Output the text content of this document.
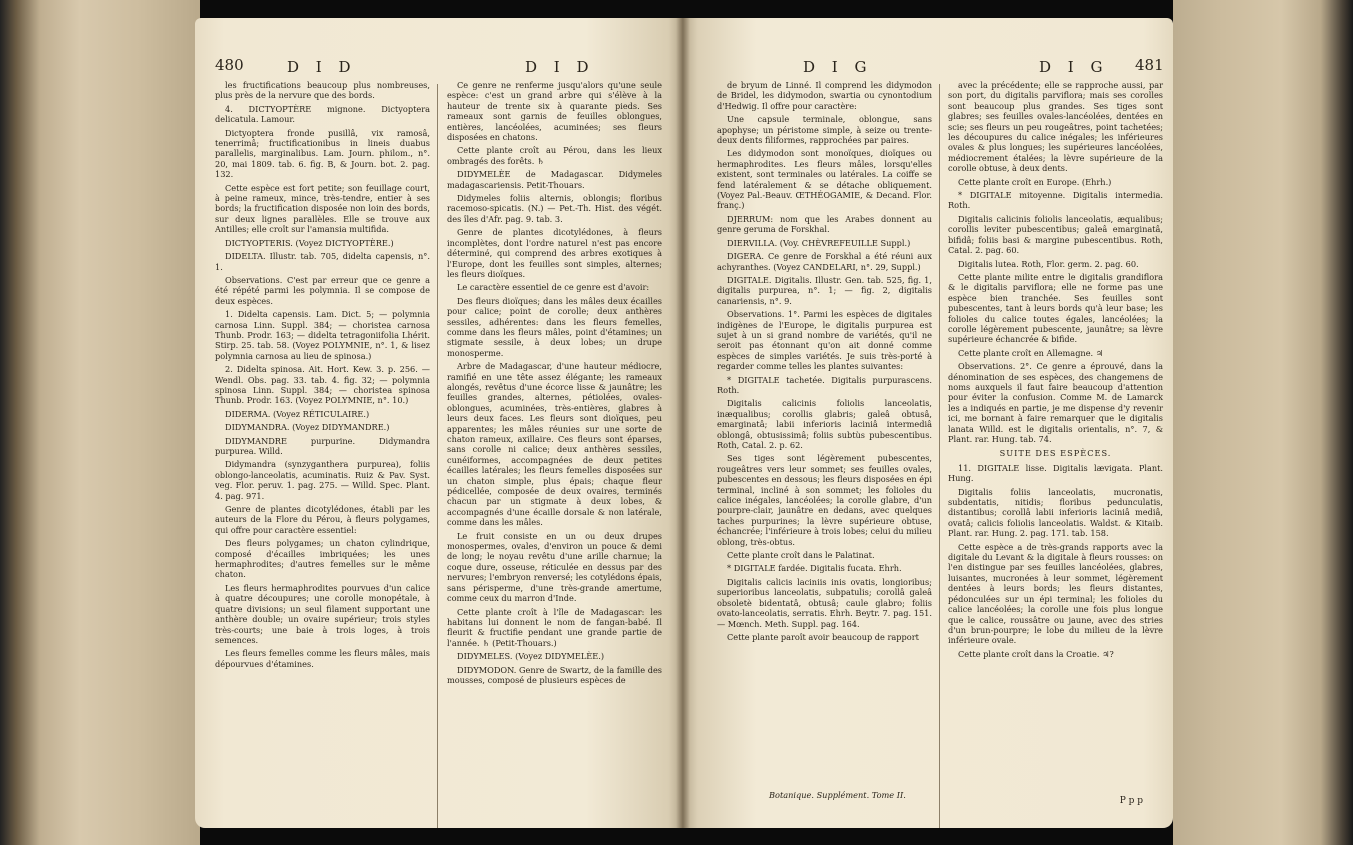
480	D I D	D I D

les fructifications beaucoup plus nombreuses, plus près de la nervure que des bords.

4. DICTYOPTÈRE mignone. Dictyoptera delicatula. Lamour.

Dictyoptera fronde pusillâ, vix ramosâ, tenerrimâ; fructificationibus in lineis duabus parallelis, marginalibus. Lam. Journ. philom., n°. 20, mai 1809. tab. 6. fig. B, & Journ. bot. 2. pag. 132.

Cette espèce est fort petite; son feuillage court, à peine rameux, mince, très-tendre, entier à ses bords; la fructification disposée non loin des bords, sur deux lignes parallèles. Elle se trouve aux Antilles; elle croît sur l'amansia multifida.

DICTYOPTERIS. (Voyez DICTYOPTÈRE.)

DIDELTA. Illustr. tab. 705, didelta capensis, n°. 1.

Observations. C'est par erreur que ce genre a été répété parmi les polymnia. Il se compose de deux espèces.

1. Didelta capensis. Lam. Dict. 5; — polymnia carnosa Linn. Suppl. 384; — choristea carnosa Thunb. Prodr. 163; — didelta tetragoniifolia Lhérit. Stirp. 25. tab. 58. (Voyez POLYMNIE, n°. 1, & lisez polymnia carnosa au lieu de spinosa.)

2. Didelta spinosa. Ait. Hort. Kew. 3. p. 256. — Wendl. Obs. pag. 33. tab. 4. fig. 32; — polymnia spinosa Linn. Suppl. 384; — choristea spinosa Thunb. Prodr. 163. (Voyez POLYMNIE, n°. 10.)

DIDERMA. (Voyez RÉTICULAIRE.)

DIDYMANDRA. (Voyez DIDYMANDRE.)

DIDYMANDRE purpurine. Didymandra purpurea. Willd.

Didymandra (synzyganthera purpurea), foliis oblongo-lanceolatis, acuminatis. Ruiz & Pav. Syst. veg. Flor. peruv. 1. pag. 275. — Willd. Spec. Plant. 4. pag. 971.

Genre de plantes dicotylédones, établi par les auteurs de la Flore du Pérou, à fleurs polygames, qui offre pour caractère essentiel:

Des fleurs polygames; un chaton cylindrique, composé d'écailles imbriquées; les unes hermaphrodites; d'autres femelles sur le même chaton.

Les fleurs hermaphrodites pourvues d'un calice à quatre découpures; une corolle monopétale, à quatre divisions; un seul filament supportant une anthère double; un ovaire supérieur; trois styles très-courts; une baie à trois loges, à trois semences.

Les fleurs femelles comme les fleurs mâles, mais dépourvues d'étamines.

Ce genre ne renferme jusqu'alors qu'une seule espèce: c'est un grand arbre qui s'élève à la hauteur de trente six à quarante pieds. Ses rameaux sont garnis de feuilles oblongues, entières, lancéolées, acuminées; ses fleurs disposées en chatons.

Cette plante croît au Pérou, dans les lieux ombragés des forêts. ♄

DIDYMELÈE de Madagascar. Didymeles madagascariensis. Petit-Thouars.

Didymeles foliis alternis, oblongis; floribus racemoso-spicatis. (N.) — Pet.-Th. Hist. des végét. des îles d'Afr. pag. 9. tab. 3.

Genre de plantes dicotylédones, à fleurs incomplètes, dont l'ordre naturel n'est pas encore déterminé, qui comprend des arbres exotiques à l'Europe, dont les feuilles sont simples, alternes; les fleurs dioïques.

Le caractère essentiel de ce genre est d'avoir:

Des fleurs dioïques; dans les mâles deux écailles pour calice; point de corolle; deux anthères sessiles, adhérentes: dans les fleurs femelles, comme dans les fleurs mâles, point d'étamines; un stigmate sessile, à deux lobes; un drupe monosperme.

Arbre de Madagascar, d'une hauteur médiocre, ramifié en une tête assez élégante; les rameaux alongés, revêtus d'une écorce lisse & jaunâtre; les feuilles grandes, alternes, pétiolées, ovales-oblongues, acuminées, très-entières, glabres à leurs deux faces. Les fleurs sont dioïques, peu apparentes; les mâles réunies sur une sorte de chaton rameux, axillaire. Ces fleurs sont éparses, sans corolle ni calice; deux anthères sessiles, cunéiformes, accompagnées de deux petites écailles latérales; les fleurs femelles disposées sur un chaton simple, plus épais; chaque fleur pédicellée, composée de deux ovaires, terminés chacun par un stigmate à deux lobes, & accompagnés d'une écaille dorsale & non latérale, comme dans les mâles.

Le fruit consiste en un ou deux drupes monospermes, ovales, d'environ un pouce & demi de long; le noyau revêtu d'une arille charnue; la coque dure, osseuse, réticulée en dessus par des nervures; l'embryon renversé; les cotylédons épais, sans périsperme, d'une très-grande amertume, comme ceux du marron d'Inde.

Cette plante croît à l'île de Madagascar: les habitans lui donnent le nom de fangan-babé. Il fleurit & fructifie pendant une grande partie de l'année. ♄ (Petit-Thouars.)

DIDYMELES. (Voyez DIDYMELÈE.)

DIDYMODON. Genre de Swartz, de la famille des mousses, composé de plusieurs espèces de

D I G	D I G 481

de bryum de Linné. Il comprend les didymodon de Bridel, les didymodon, swartia ou cynontodium d'Hedwig. Il offre pour caractère:

Une capsule terminale, oblongue, sans apophyse; un péristome simple, à seize ou trente-deux dents filiformes, rapprochées par paires.

Les didymodon sont monoïques, dioïques ou hermaphrodites. Les fleurs mâles, lorsqu'elles existent, sont terminales ou latérales. La coiffe se fend latéralement & se détache obliquement. (Voyez Pal.-Beauv. ŒTHÉOGAMIE, & Decand. Flor. franç.)

DJERRUM: nom que les Arabes donnent au genre geruma de Forskhal.

DIERVILLA. (Voy. CHÈVREFEUILLE Suppl.)

DIGERA. Ce genre de Forskhal a été réuni aux achyranthes. (Voyez CANDELARI, n°. 29, Suppl.)

DIGITALE. Digitalis. Illustr. Gen. tab. 525, fig. 1, digitalis purpurea, n°. 1; — fig. 2, digitalis canariensis, n°. 9.

Observations. 1°. Parmi les espèces de digitales indigènes de l'Europe, le digitalis purpurea est sujet à un si grand nombre de variétés, qu'il ne seroit pas étonnant qu'on ait donné comme espèces de simples variétés. Je suis très-porté à regarder comme telles les plantes suivantes:

* DIGITALE tachetée. Digitalis purpurascens. Roth.

Digitalis calicinis foliolis lanceolatis, inæqualibus; corollis glabris; galeâ obtusâ, emarginatâ; labii inferioris laciniâ intermediâ oblongâ, obtusissimâ; foliis subtùs pubescentibus. Roth, Catal. 2. p. 62.

Ses tiges sont légèrement pubescentes, rougeâtres vers leur sommet; ses feuilles ovales, pubescentes en dessous; les fleurs disposées en épi terminal, incliné à son sommet; les folioles du calice inégales, lancéolées; la corolle glabre, d'un pourpre-clair, jaunâtre en dedans, avec quelques taches purpurines; la lèvre supérieure obtuse, échancrée; l'inférieure à trois lobes; celui du milieu oblong, très-obtus.

Cette plante croît dans le Palatinat.

* DIGITALE fardée. Digitalis fucata. Ehrh.

Digitalis calicis laciniis inis ovatis, longioribus; superioribus lanceolatis, subpatulis; corollâ galeâ obsoletè bidentatâ, obtusâ; caule glabro; foliis ovato-lanceolatis, serratis. Ehrh. Beytr. 7. pag. 151. — Mœnch. Meth. Suppl. pag. 164.

Cette plante paroît avoir beaucoup de rapport

avec la précédente; elle se rapproche aussi, par son port, du digitalis parviflora; mais ses corolles sont beaucoup plus grandes. Ses tiges sont glabres; ses feuilles ovales-lancéolées, dentées en scie; ses fleurs un peu rougeâtres, point tachetées; les découpures du calice inégales; les inférieures ovales & plus longues; les supérieures lancéolées, médiocrement étalées; la lèvre supérieure de la corolle obtuse, à deux dents.

Cette plante croît en Europe. (Ehrh.)

* DIGITALE mitoyenne. Digitalis intermedia. Roth.

Digitalis calicinis foliolis lanceolatis, æqualibus; corollis leviter pubescentibus; galeâ emarginatâ, bifidâ; foliis basi & margine pubescentibus. Roth, Catal. 2. pag. 60.

Digitalis lutea. Roth, Flor. germ. 2. pag. 60.

Cette plante milite entre le digitalis grandiflora & le digitalis parviflora; elle ne forme pas une espèce bien tranchée. Ses feuilles sont pubescentes, tant à leurs bords qu'à leur base; les folioles du calice toutes égales, lancéolées; la corolle légèrement pubescente, jaunâtre; sa lèvre supérieure échancrée & bifide.

Cette plante croît en Allemagne. ♃

Observations. 2°. Ce genre a éprouvé, dans la dénomination de ses espèces, des changemens de noms auxquels il faut faire beaucoup d'attention pour éviter la confusion. Comme M. de Lamarck les a indiqués en partie, je me dispense d'y revenir ici, me bornant à faire remarquer que le digitalis lanata Willd. est le digitalis orientalis, n°. 7, & Plant. rar. Hung. tab. 74.

SUITE DES ESPÈCES.

11. DIGITALE lisse. Digitalis lævigata. Plant. Hung.

Digitalis foliis lanceolatis, mucronatis, subdentatis, nitidis; floribus pedunculatis, distantibus; corollâ labii inferioris laciniâ mediâ, ovatâ; calicis foliolis lanceolatis. Waldst. & Kitaib. Plant. rar. Hung. 2. pag. 171. tab. 158.

Cette espèce a de très-grands rapports avec la digitale du Levant & la digitale à fleurs rousses: on l'en distingue par ses feuilles lancéolées, glabres, luisantes, mucronées à leur sommet, légèrement dentées à leurs bords; les fleurs distantes, pédonculées sur un épi terminal; les folioles du calice lancéolées; la corolle une fois plus longue que le calice, roussâtre ou jaune, avec des stries d'un brun-pourpre; le lobe du milieu de la lèvre inférieure ovale.

Cette plante croît dans la Croatie. ♃?

Botanique. Supplément. Tome II.
P p p
